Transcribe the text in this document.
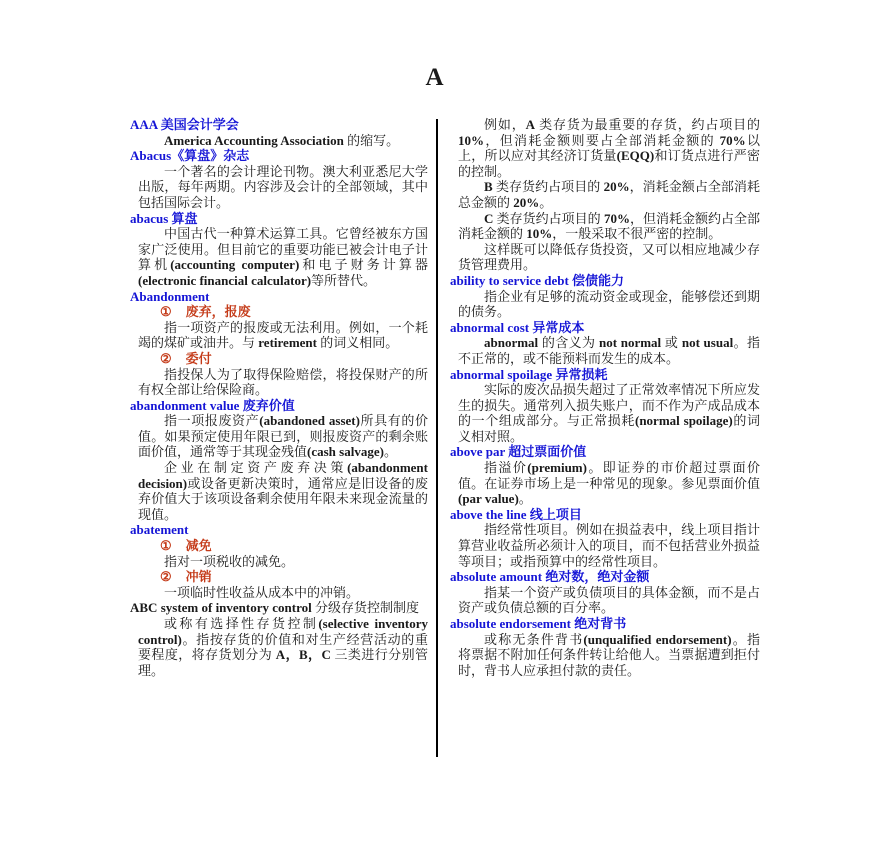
A
AAA 美国会计学会

America Accounting Association 的缩写。

Abacus《算盘》杂志

一个著名的会计理论刊物。澳大利亚悉尼大学出版，每年两期。内容涉及会计的全部领域，其中包括国际会计。

abacus 算盘

中国古代一种算术运算工具。它曾经被东方国家广泛使用。但目前它的重要功能已被会计电子计算机(accounting computer)和电子财务计算器(electronic financial calculator)等所替代。

Abandonment
① 废弃，报废

指一项资产的报废或无法利用。例如，一个耗竭的煤矿或油井。与 retirement 的词义相同。

② 委付

指投保人为了取得保险赔偿，将投保财产的所有权全部让给保险商。

abandonment value 废弃价值

指一项报废资产(abandoned asset)所具有的价值。如果预定使用年限已到，则报废资产的剩余账面价值，通常等于其现金残值(cash salvage)。

企业在制定资产废弃决策(abandonment decision)或设备更新决策时，通常应是旧设备的废弃价值大于该项设备剩余使用年限未来现金流量的现值。

abatement
① 减免

指对一项税收的减免。

② 冲销

一项临时性收益从成本中的冲销。

ABC system of inventory control 分级存货控制制度

或称有选择性存货控制(selective inventory control)。指按存货的价值和对生产经营活动的重要程度，将存货划分为 A，B，C 三类进行分别管理。

例如，A 类存货为最重要的存货，约占项目的 10%，但消耗金额则要占全部消耗金额的 70%以上，所以应对其经济订货量(EQQ)和订货点进行严密的控制。

B 类存货约占项目的 20%，消耗金额占全部消耗总金额的 20%。

C 类存货约占项目的 70%，但消耗金额约占全部消耗金额的 10%，一般采取不很严密的控制。

这样既可以降低存货投资，又可以相应地减少存货管理费用。

ability to service debt 偿债能力

指企业有足够的流动资金或现金，能够偿还到期的债务。

abnormal cost 异常成本

abnormal 的含义为 not normal 或 not usual。指不正常的，或不能预料而发生的成本。

abnormal spoilage 异常损耗

实际的废次品损失超过了正常效率情况下所应发生的损失。通常列入损失账户，而不作为产成品成本的一个组成部分。与正常损耗(normal spoilage)的词义相对照。

above par 超过票面价值

指溢价(premium)。即证券的市价超过票面价值。在证券市场上是一种常见的现象。参见票面价值(par value)。

above the line 线上项目

指经常性项目。例如在损益表中，线上项目指计算营业收益所必须计入的项目，而不包括营业外损益等项目；或指预算中的经常性项目。

absolute amount 绝对数，绝对金额

指某一个资产或负债项目的具体金额，而不是占资产或负债总额的百分率。

absolute endorsement 绝对背书

或称无条件背书(unqualified endorsement)。指将票据不附加任何条件转让给他人。当票据遭到拒付时，背书人应承担付款的责任。
